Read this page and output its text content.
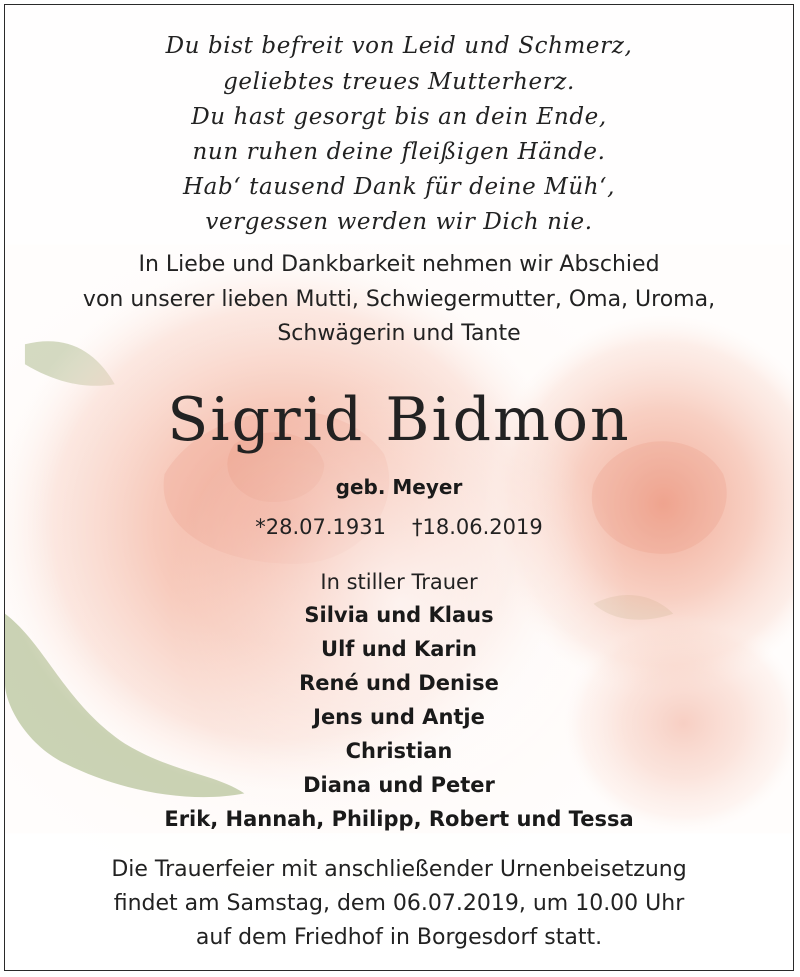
Du bist befreit von Leid und Schmerz,
geliebtes treues Mutterherz.
Du hast gesorgt bis an dein Ende,
nun ruhen deine fleißigen Hände.
Hab‘ tausend Dank für deine Müh‘,
vergessen werden wir Dich nie.
In Liebe und Dankbarkeit nehmen wir Abschied
von unserer lieben Mutti, Schwiegermutter, Oma, Uroma,
Schwägerin und Tante
Sigrid Bidmon
geb. Meyer
*28.07.1931 †18.06.2019
In stiller Trauer
Silvia und Klaus
Ulf und Karin
René und Denise
Jens und Antje
Christian
Diana und Peter
Erik, Hannah, Philipp, Robert und Tessa
Die Trauerfeier mit anschließender Urnenbeisetzung
findet am Samstag, dem 06.07.2019, um 10.00 Uhr
auf dem Friedhof in Borgesdorf statt.
